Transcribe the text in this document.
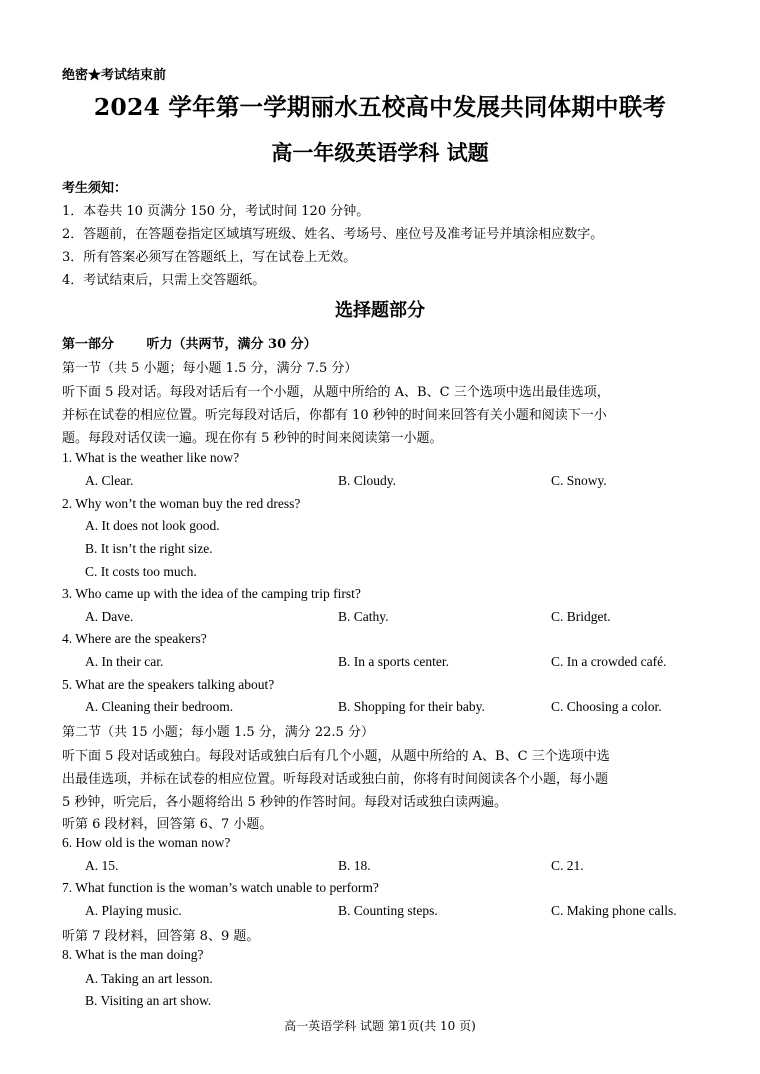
绝密★考试结束前
2024 学年第一学期丽水五校高中发展共同体期中联考
高一年级英语学科 试题
考生须知：
1．本卷共 10 页满分 150 分，考试时间 120 分钟。
2．答题前，在答题卷指定区域填写班级、姓名、考场号、座位号及准考证号并填涂相应数字。
3．所有答案必须写在答题纸上，写在试卷上无效。
4．考试结束后，只需上交答题纸。
选择题部分
第一部分	听力（共两节，满分 30 分）
第一节（共 5 小题；每小题 1.5 分，满分 7.5 分）
听下面 5 段对话。每段对话后有一个小题，从题中所给的 A、B、C 三个选项中选出最佳选项，
并标在试卷的相应位置。听完每段对话后，你都有 10 秒钟的时间来回答有关小题和阅读下一小
题。每段对话仅读一遍。现在你有 5 秒钟的时间来阅读第一小题。
1. What is the weather like now?
A. Clear.	B. Cloudy.	C. Snowy.
2. Why won’t the woman buy the red dress?
A. It does not look good.
B. It isn’t the right size.
C. It costs too much.
3. Who came up with the idea of the camping trip first?
A. Dave.	B. Cathy.	C. Bridget.
4. Where are the speakers?
A. In their car.	B. In a sports center.	C. In a crowded café.
5. What are the speakers talking about?
A. Cleaning their bedroom.	B. Shopping for their baby.	C. Choosing a color.
第二节（共 15 小题；每小题 1.5 分，满分 22.5 分）
听下面 5 段对话或独白。每段对话或独白后有几个小题，从题中所给的 A、B、C 三个选项中选
出最佳选项，并标在试卷的相应位置。听每段对话或独白前，你将有时间阅读各个小题，每小题
5 秒钟，听完后，各小题将给出 5 秒钟的作答时间。每段对话或独白读两遍。
听第 6 段材料，回答第 6、7 小题。
6. How old is the woman now?
A. 15.	B. 18.	C. 21.
7. What function is the woman’s watch unable to perform?
A. Playing music.	B. Counting steps.	C. Making phone calls.
听第 7 段材料，回答第 8、9 题。
8. What is the man doing?
A. Taking an art lesson.
B. Visiting an art show.
高一英语学科 试题 第1页(共 10 页)
